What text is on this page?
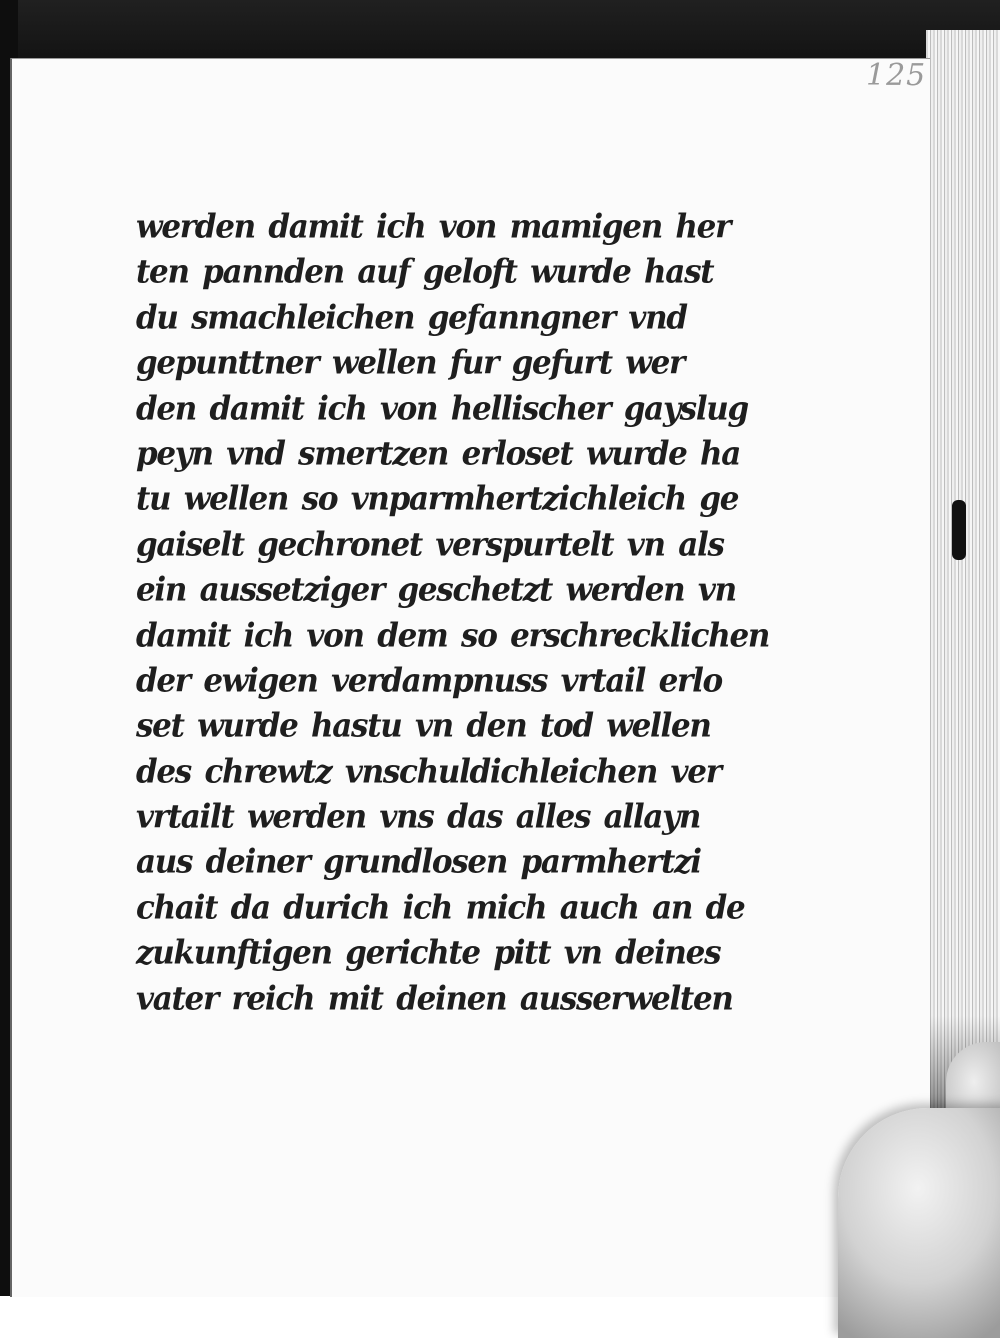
125
werden damit ich von mamigen her
ten pannden auf geloft wurde hast
du smachleichen gefanngner vnd
gepunttner wellen fur gefurt wer
den damit ich von hellischer gayslug
peyn vnd smertzen erloset wurde ha
tu wellen so vnparmhertzichleich ge
gaiselt gechronet verspurtelt vn als
ein aussetziger geschetzt werden vn
damit ich von dem so erschrecklichen
der ewigen verdampnuss vrtail erlo
set wurde hastu vn den tod wellen
des chrewtz vnschuldichleichen ver
vrtailt werden vns das alles allayn
aus deiner grundlosen parmhertzi
chait da durich ich mich auch an de
zukunftigen gerichte pitt vn deines
vater reich mit deinen ausserwelten
